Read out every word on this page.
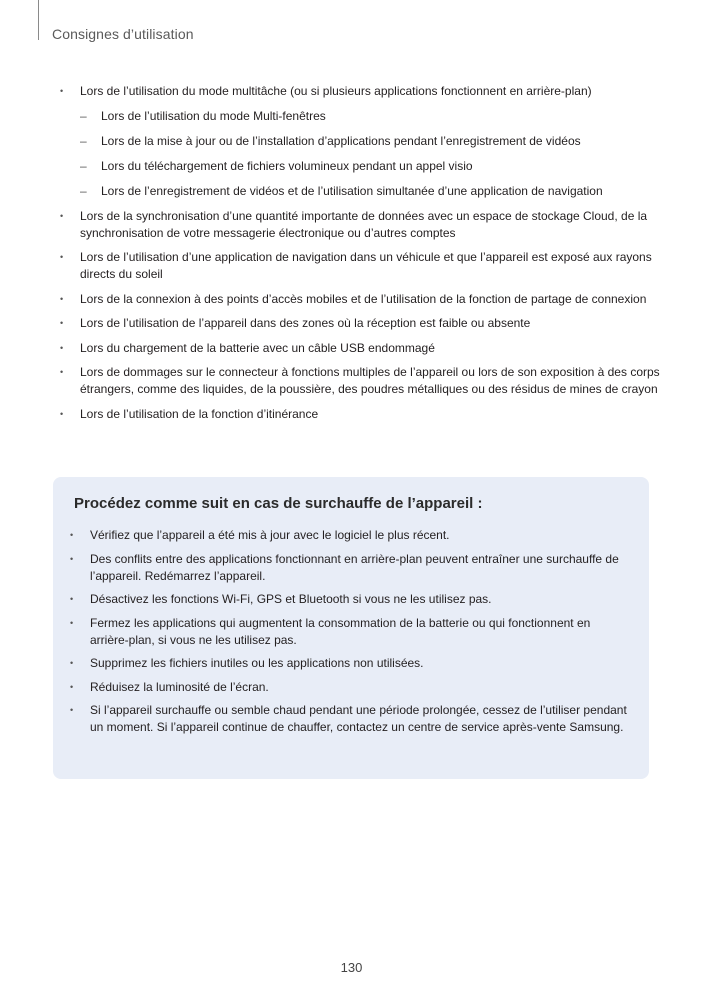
Consignes d’utilisation
• Lors de l’utilisation du mode multitâche (ou si plusieurs applications fonctionnent en arrière-plan)
– Lors de l’utilisation du mode Multi-fenêtres
– Lors de la mise à jour ou de l’installation d’applications pendant l’enregistrement de vidéos
– Lors du téléchargement de fichiers volumineux pendant un appel visio
– Lors de l’enregistrement de vidéos et de l’utilisation simultanée d’une application de navigation
• Lors de la synchronisation d’une quantité importante de données avec un espace de stockage Cloud, de la synchronisation de votre messagerie électronique ou d’autres comptes
• Lors de l’utilisation d’une application de navigation dans un véhicule et que l’appareil est exposé aux rayons directs du soleil
• Lors de la connexion à des points d’accès mobiles et de l’utilisation de la fonction de partage de connexion
• Lors de l’utilisation de l’appareil dans des zones où la réception est faible ou absente
• Lors du chargement de la batterie avec un câble USB endommagé
• Lors de dommages sur le connecteur à fonctions multiples de l’appareil ou lors de son exposition à des corps étrangers, comme des liquides, de la poussière, des poudres métalliques ou des résidus de mines de crayon
• Lors de l’utilisation de la fonction d’itinérance
Procédez comme suit en cas de surchauffe de l’appareil :
• Vérifiez que l’appareil a été mis à jour avec le logiciel le plus récent.
• Des conflits entre des applications fonctionnant en arrière-plan peuvent entraîner une surchauffe de l’appareil. Redémarrez l’appareil.
• Désactivez les fonctions Wi-Fi, GPS et Bluetooth si vous ne les utilisez pas.
• Fermez les applications qui augmentent la consommation de la batterie ou qui fonctionnent en arrière-plan, si vous ne les utilisez pas.
• Supprimez les fichiers inutiles ou les applications non utilisées.
• Réduisez la luminosité de l’écran.
• Si l’appareil surchauffe ou semble chaud pendant une période prolongée, cessez de l’utiliser pendant un moment. Si l’appareil continue de chauffer, contactez un centre de service après-vente Samsung.
130
